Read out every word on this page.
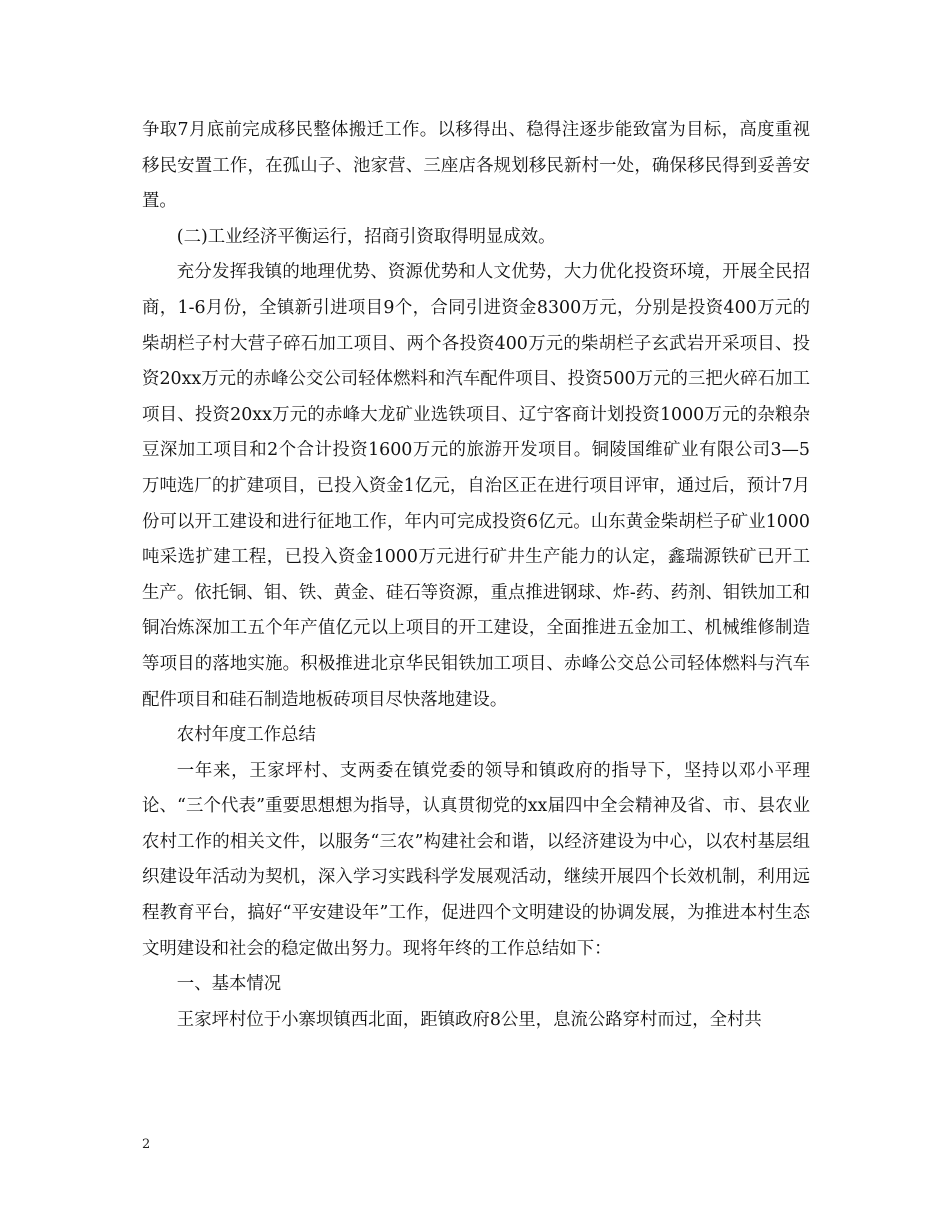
争取7月底前完成移民整体搬迁工作。以移得出、稳得注逐步能致富为目标，高度重视移民安置工作，在孤山子、池家营、三座店各规划移民新村一处，确保移民得到妥善安置。

(二)工业经济平衡运行，招商引资取得明显成效。

充分发挥我镇的地理优势、资源优势和人文优势，大力优化投资环境，开展全民招商，1-6月份，全镇新引进项目9个，合同引进资金8300万元，分别是投资400万元的柴胡栏子村大营子碎石加工项目、两个各投资400万元的柴胡栏子玄武岩开采项目、投资20xx万元的赤峰公交公司轻体燃料和汽车配件项目、投资500万元的三把火碎石加工项目、投资20xx万元的赤峰大龙矿业选铁项目、辽宁客商计划投资1000万元的杂粮杂豆深加工项目和2个合计投资1600万元的旅游开发项目。铜陵国维矿业有限公司3—5万吨选厂的扩建项目，已投入资金1亿元，自治区正在进行项目评审，通过后，预计7月份可以开工建设和进行征地工作，年内可完成投资6亿元。山东黄金柴胡栏子矿业1000吨采选扩建工程，已投入资金1000万元进行矿井生产能力的认定，鑫瑞源铁矿已开工生产。依托铜、钼、铁、黄金、硅石等资源，重点推进钢球、炸-药、药剂、钼铁加工和铜冶炼深加工五个年产值亿元以上项目的开工建设，全面推进五金加工、机械维修制造等项目的落地实施。积极推进北京华民钼铁加工项目、赤峰公交总公司轻体燃料与汽车配件项目和硅石制造地板砖项目尽快落地建设。

农村年度工作总结

一年来，王家坪村、支两委在镇党委的领导和镇政府的指导下，坚持以邓小平理论、“三个代表”重要思想想为指导，认真贯彻党的xx届四中全会精神及省、市、县农业农村工作的相关文件，以服务“三农”构建社会和谐，以经济建设为中心，以农村基层组织建设年活动为契机，深入学习实践科学发展观活动，继续开展四个长效机制，利用远程教育平台，搞好“平安建设年”工作，促进四个文明建设的协调发展，为推进本村生态文明建设和社会的稳定做出努力。现将年终的工作总结如下：

一、基本情况

王家坪村位于小寨坝镇西北面，距镇政府8公里，息流公路穿村而过，全村共

2
